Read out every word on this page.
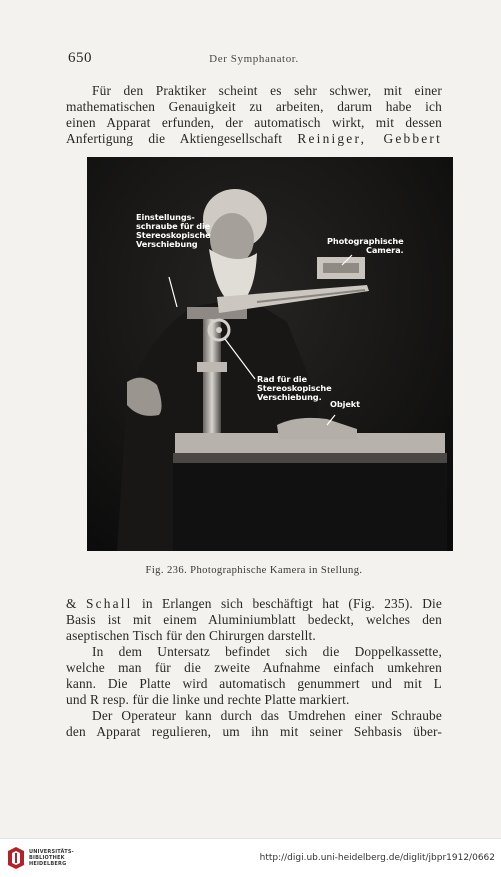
650	Der Symphanator.
Für den Praktiker scheint es sehr schwer, mit einer
mathematischen Genauigkeit zu arbeiten, darum habe ich
einen Apparat erfunden, der automatisch wirkt, mit dessen
Anfertigung die Aktiengesellschaft Reiniger, Gebbert
Einstellungs-
schraube für die
Stereoskopische
Verschiebung	Photographische
Camera.
Rad für die
Stereoskopische
Verschiebung.
Objekt
Fig. 236. Photographische Kamera in Stellung.
& Schall in Erlangen sich beschäftigt hat (Fig. 235). Die
Basis ist mit einem Aluminiumblatt bedeckt, welches den
aseptischen Tisch für den Chirurgen darstellt.
In dem Untersatz befindet sich die Doppelkassette,
welche man für die zweite Aufnahme einfach umkehren
kann. Die Platte wird automatisch genummert und mit L
und R resp. für die linke und rechte Platte markiert.
Der Operateur kann durch das Umdrehen einer Schraube
den Apparat regulieren, um ihn mit seiner Sehbasis über-
UNIVERSITÄTS-
BIBLIOTHEK
HEIDELBERG
http://digi.ub.uni-heidelberg.de/diglit/jbpr1912/0662
